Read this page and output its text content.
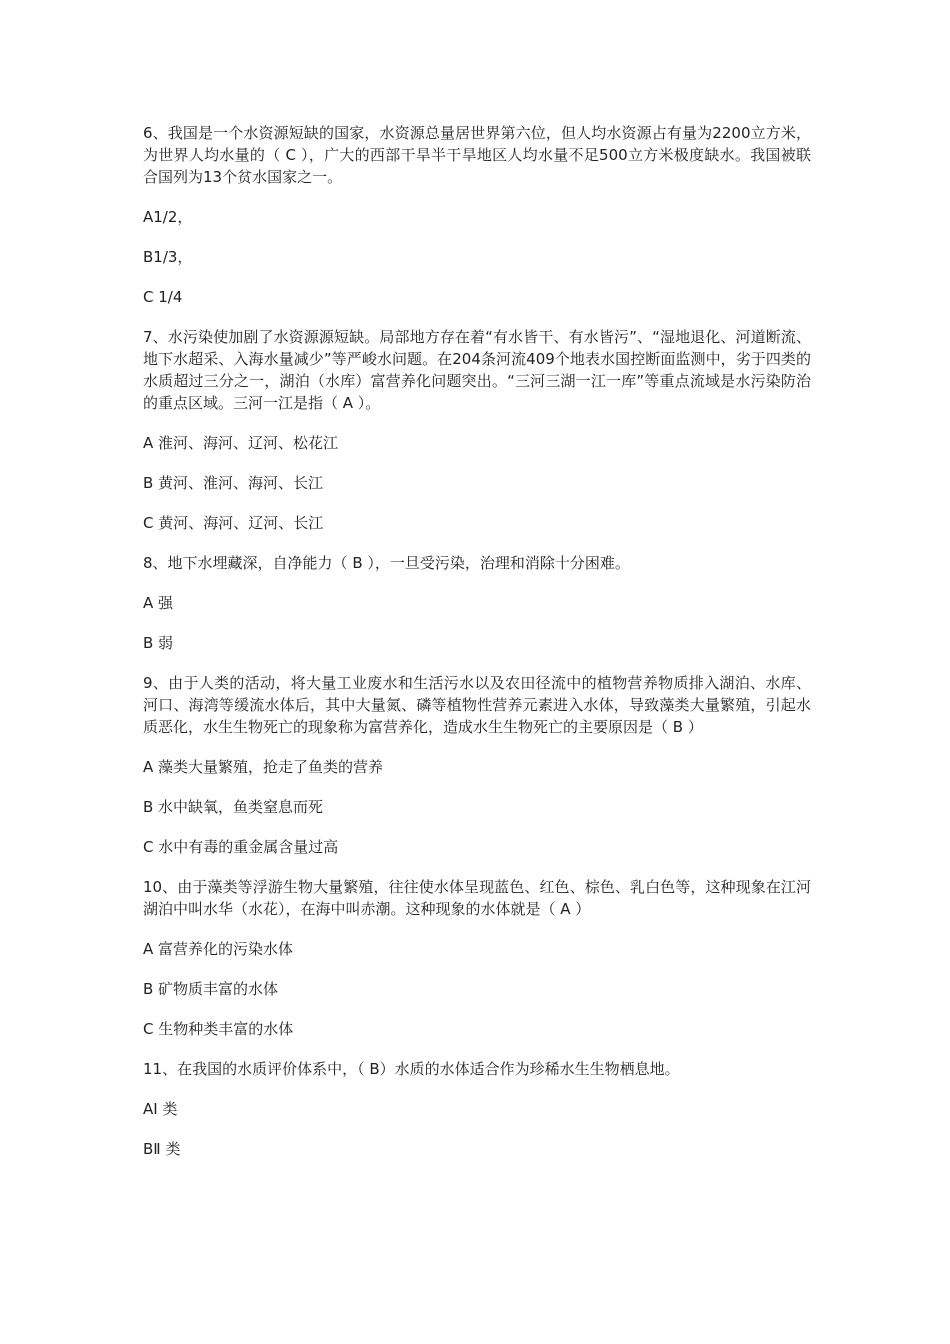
6、我国是一个水资源短缺的国家，水资源总量居世界第六位，但人均水资源占有量为2200立方米，为世界人均水量的（ C ），广大的西部干旱半干旱地区人均水量不足500立方米极度缺水。我国被联合国列为13个贫水国家之一。

A1/2，

B1/3，

C 1/4

7、水污染使加剧了水资源源短缺。局部地方存在着“有水皆干、有水皆污”、“湿地退化、河道断流、地下水超采、入海水量减少”等严峻水问题。在204条河流409个地表水国控断面监测中，劣于四类的水质超过三分之一，湖泊（水库）富营养化问题突出。“三河三湖一江一库”等重点流域是水污染防治的重点区域。三河一江是指（ A ）。

A 淮河、海河、辽河、松花江

B 黄河、淮河、海河、长江

C 黄河、海河、辽河、长江

8、地下水埋藏深，自净能力（ B ），一旦受污染，治理和消除十分困难。

A 强

B 弱

9、由于人类的活动，将大量工业废水和生活污水以及农田径流中的植物营养物质排入湖泊、水库、河口、海湾等缓流水体后，其中大量氮、磷等植物性营养元素进入水体，导致藻类大量繁殖，引起水质恶化，水生生物死亡的现象称为富营养化，造成水生生物死亡的主要原因是（ B ）

A 藻类大量繁殖，抢走了鱼类的营养

B 水中缺氧，鱼类窒息而死

C 水中有毒的重金属含量过高

10、由于藻类等浮游生物大量繁殖，往往使水体呈现蓝色、红色、棕色、乳白色等，这种现象在江河湖泊中叫水华（水花），在海中叫赤潮。这种现象的水体就是（ A ）

A 富营养化的污染水体

B 矿物质丰富的水体

C 生物种类丰富的水体

11、在我国的水质评价体系中，（ B）水质的水体适合作为珍稀水生生物栖息地。

AⅠ 类

BⅡ 类
